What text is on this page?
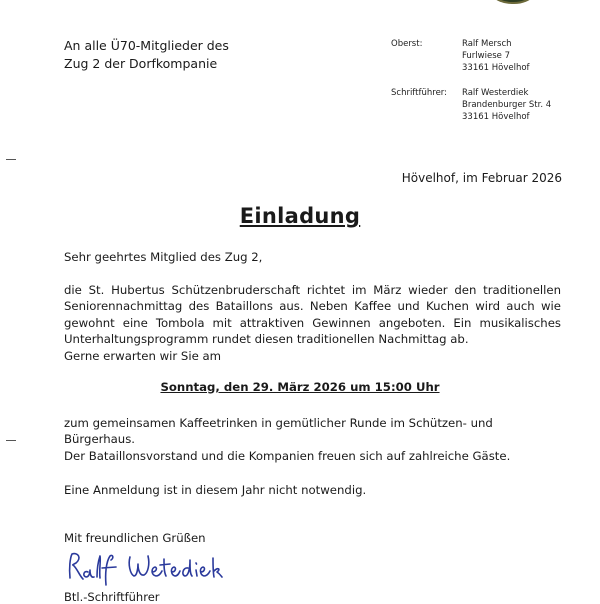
An alle Ü70-Mitglieder des
Zug 2 der Dorfkompanie
Oberst:	Ralf Mersch
Furlwiese 7
33161 Hövelhof
Schriftführer: Ralf Westerdiek
Brandenburger Str. 4
33161 Hövelhof
Hövelhof, im Februar 2026
Einladung
Sehr geehrtes Mitglied des Zug 2,
die St. Hubertus Schützenbruderschaft richtet im März wieder den traditionellen Seniorennachmittag des Bataillons aus. Neben Kaffee und Kuchen wird auch wie gewohnt eine Tombola mit attraktiven Gewinnen angeboten. Ein musikalisches Unterhaltungsprogramm rundet diesen traditionellen Nachmittag ab.
Gerne erwarten wir Sie am
Sonntag, den 29. März 2026 um 15:00 Uhr
zum gemeinsamen Kaffeetrinken in gemütlicher Runde im Schützen- und Bürgerhaus.
Der Bataillonsvorstand und die Kompanien freuen sich auf zahlreiche Gäste.
Eine Anmeldung ist in diesem Jahr nicht notwendig.
Mit freundlichen Grüßen
Btl.-Schriftführer
